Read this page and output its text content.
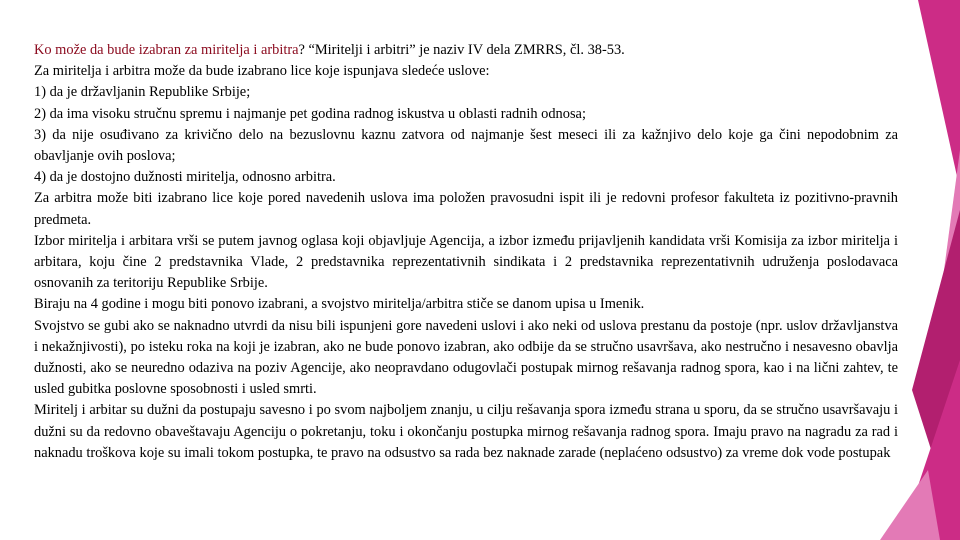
Ko može da bude izabran za miritelja i arbitra? “Miritelji i arbitri” je naziv IV dela ZMRRS, čl. 38-53.

Za miritelja i arbitra može da bude izabrano lice koje ispunjava sledeće uslove:

1) da je državljanin Republike Srbije;

2) da ima visoku stručnu spremu i najmanje pet godina radnog iskustva u oblasti radnih odnosa;

3) da nije osuđivano za krivično delo na bezuslovnu kaznu zatvora od najmanje šest meseci ili za kažnjivo delo koje ga čini nepodobnim za obavljanje ovih poslova;

4) da je dostojno dužnosti miritelja, odnosno arbitra.

Za arbitra može biti izabrano lice koje pored navedenih uslova ima položen pravosudni ispit ili je redovni profesor fakulteta iz pozitivno-pravnih predmeta.

Izbor miritelja i arbitara vrši se putem javnog oglasa koji objavljuje Agencija, a izbor između prijavljenih kandidata vrši Komisija za izbor miritelja i arbitara, koju čine 2 predstavnika Vlade, 2 predstavnika reprezentativnih sindikata i 2 predstavnika reprezentativnih udruženja poslodavaca osnovanih za teritoriju Republike Srbije.

Biraju na 4 godine i mogu biti ponovo izabrani, a svojstvo miritelja/arbitra stiče se danom upisa u Imenik.

Svojstvo se gubi ako se naknadno utvrdi da nisu bili ispunjeni gore navedeni uslovi i ako neki od uslova prestanu da postoje (npr. uslov državljanstva i nekažnjivosti), po isteku roka na koji je izabran, ako ne bude ponovo izabran, ako odbije da se stručno usavršava, ako nestručno i nesavesno obavlja dužnosti, ako se neuredno odaziva na poziv Agencije, ako neopravdano odugovlači postupak mirnog rešavanja radnog spora, kao i na lični zahtev, te usled gubitka poslovne sposobnosti i usled smrti.

Miritelj i arbitar su dužni da postupaju savesno i po svom najboljem znanju, u cilju rešavanja spora između strana u sporu, da se stručno usavršavaju i dužni su da redovno obaveštavaju Agenciju o pokretanju, toku i okončanju postupka mirnog rešavanja radnog spora. Imaju pravo na nagradu za rad i naknadu troškova koje su imali tokom postupka, te pravo na odsustvo sa rada bez naknade zarade (neplaćeno odsustvo) za vreme dok vode postupak
